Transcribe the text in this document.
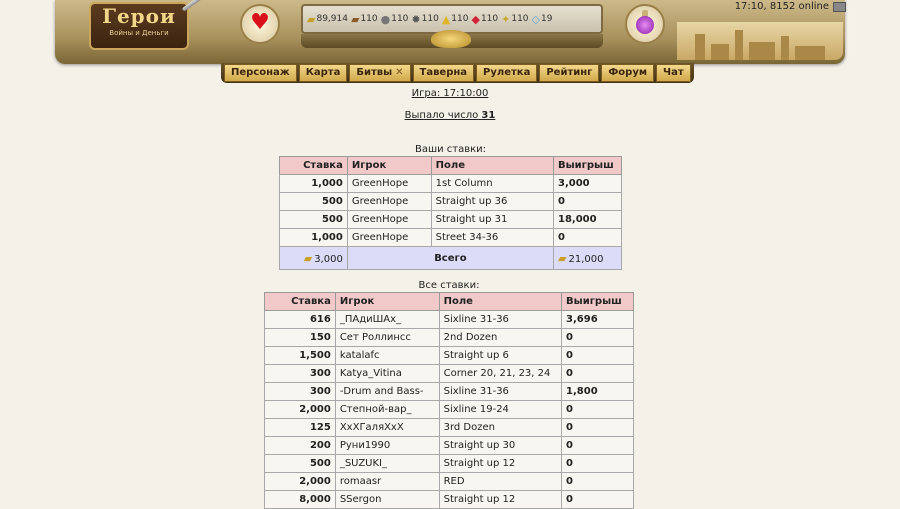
Герои
Войны и Деньги	♥	▰ 89,914 ▰ 110 ● 110 ✹ 110 ▲ 110 ◆ 110 ✦ 110 ◇ 19
Персонаж	Карта	Битвы ✕	Таверна	Рулетка	Рейтинг	Форум	Чат
17:10, 8152 online
Игра: 17:10:00
Выпало число 31
Ваши ставки:
Ставка	Игрок	Поле	Выигрыш
1,000	GreenHope	1st Column	3,000
500	GreenHope	Straight up 36	0
500	GreenHope	Straight up 31	18,000
1,000	GreenHope	Street 34-36	0
▰ 3,000	Всего		▰ 21,000
Все ставки:
Ставка	Игрок	Поле	Выигрыш
616	_ПАдиШАх_	Sixline 31-36	3,696
150	Сет Роллинсс	2nd Dozen	0
1,500	katalafc	Straight up 6	0
300	Katya_Vitina	Corner 20, 21, 23, 24	0
300	-Drum and Bass-	Sixline 31-36	1,800
2,000	Степной-вар_	Sixline 19-24	0
125	ХхХГаляХхХ	3rd Dozen	0
200	Руни1990	Straight up 30	0
500	_SUZUKI_	Straight up 12	0
2,000	romaasr	RED	0
8,000	SSergon	Straight up 12	0
